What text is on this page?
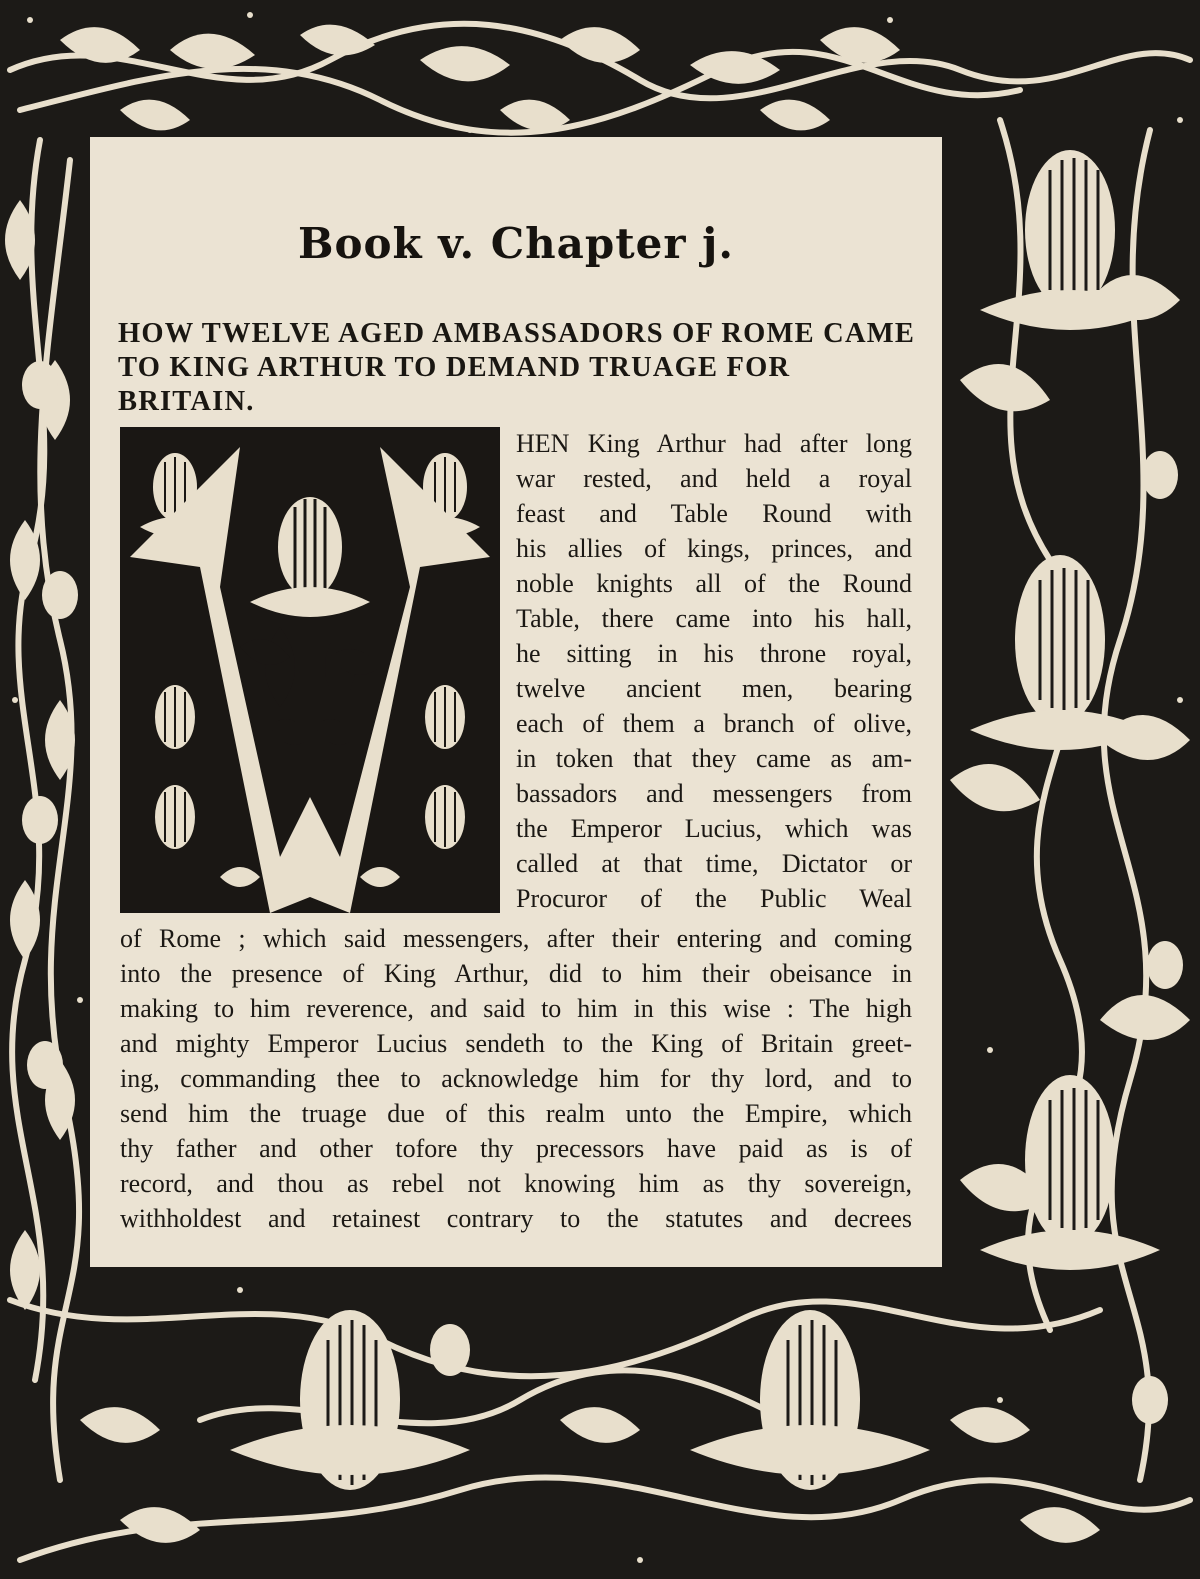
Book v. Chapter j.
HOW TWELVE AGED AMBASSADORS OF ROME CAME TO KING ARTHUR TO DEMAND TRUAGE FOR BRITAIN.
HEN King Arthur had after long
war rested, and held a royal
feast and Table Round with
his allies of kings, princes, and
noble knights all of the Round
Table, there came into his hall,
he sitting in his throne royal,
twelve ancient men, bearing
each of them a branch of olive,
in token that they came as am-
bassadors and messengers from
the Emperor Lucius, which was
called at that time, Dictator or
Procuror of the Public Weal
of Rome ; which said messengers, after their entering and coming
into the presence of King Arthur, did to him their obeisance in
making to him reverence, and said to him in this wise : The high
and mighty Emperor Lucius sendeth to the King of Britain greet-
ing, commanding thee to acknowledge him for thy lord, and to
send him the truage due of this realm unto the Empire, which
thy father and other tofore thy precessors have paid as is of
record, and thou as rebel not knowing him as thy sovereign,
withholdest and retainest contrary to the statutes and decrees
